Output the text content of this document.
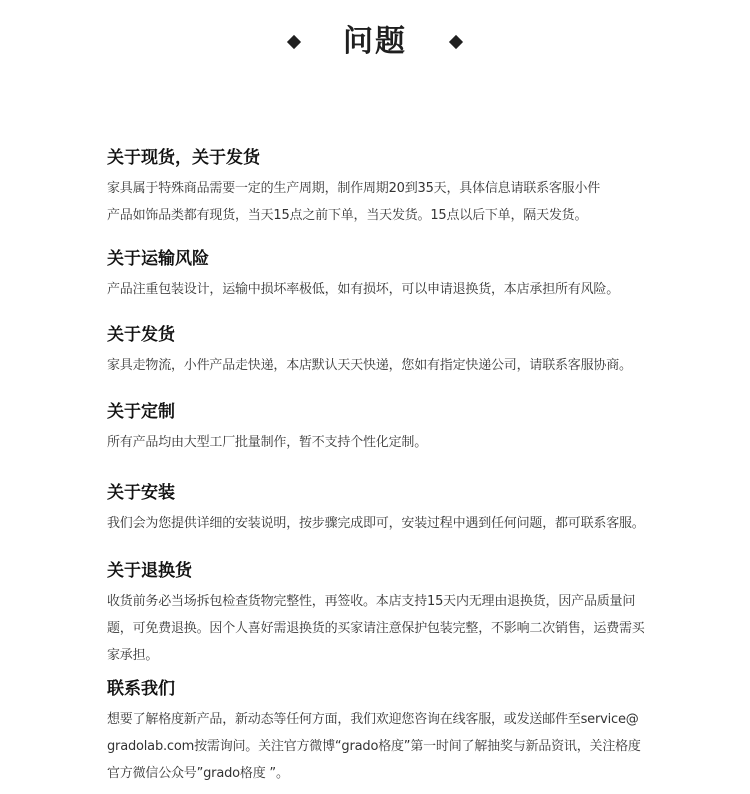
问题
关于现货，关于发货

家具属于特殊商品需要一定的生产周期，制作周期20到35天，具体信息请联系客服小件
产品如饰品类都有现货，当天15点之前下单，当天发货。15点以后下单，隔天发货。

关于运输风险

产品注重包装设计，运输中损坏率极低，如有损坏，可以申请退换货，本店承担所有风险。

关于发货

家具走物流，小件产品走快递，本店默认天天快递，您如有指定快递公司，请联系客服协商。

关于定制

所有产品均由大型工厂批量制作，暂不支持个性化定制。

关于安装

我们会为您提供详细的安装说明，按步骤完成即可，安装过程中遇到任何问题，都可联系客服。

关于退换货

收货前务必当场拆包检查货物完整性，再签收。本店支持15天内无理由退换货，因产品质量问
题，可免费退换。因个人喜好需退换货的买家请注意保护包装完整，不影响二次销售，运费需买
家承担。

联系我们

想要了解格度新产品，新动态等任何方面，我们欢迎您咨询在线客服，或发送邮件至service@
gradolab.com按需询问。关注官方微博“grado格度”第一时间了解抽奖与新品资讯，关注格度
官方微信公众号”grado格度 ”。
